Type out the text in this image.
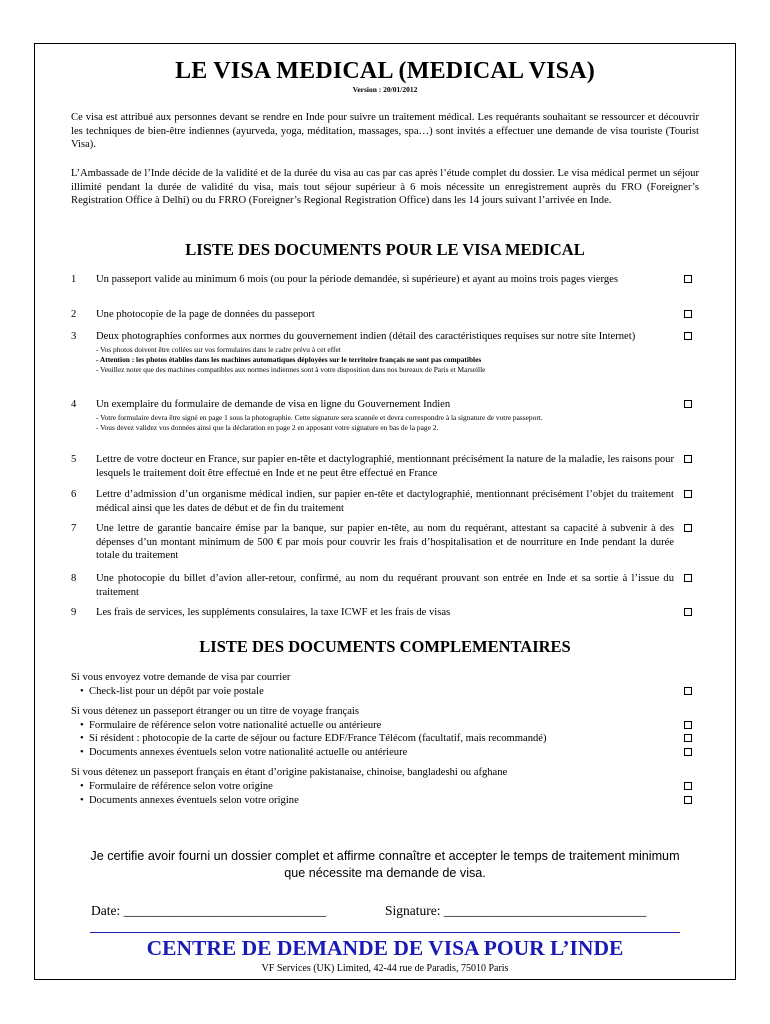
LE VISA MEDICAL (MEDICAL VISA)
Version : 20/01/2012
Ce visa est attribué aux personnes devant se rendre en Inde pour suivre un traitement médical. Les requérants souhaitant se ressourcer et découvrir les techniques de bien-être indiennes (ayurveda, yoga, méditation, massages, spa…) sont invités a effectuer une demande de visa touriste (Tourist Visa).
L’Ambassade de l’Inde décide de la validité et de la durée du visa au cas par cas après l’étude complet du dossier. Le visa médical permet un séjour illimité pendant la durée de validité du visa, mais tout séjour supérieur à 6 mois nécessite un enregistrement auprès du FRO (Foreigner’s Registration Office à Delhi) ou du FRRO (Foreigner’s Regional Registration Office) dans les 14 jours suivant l’arrivée en Inde.
LISTE DES DOCUMENTS POUR LE VISA MEDICAL
1 Un passeport valide au minimum 6 mois (ou pour la période demandée, si supérieure) et ayant au moins trois pages vierges
2 Une photocopie de la page de données du passeport
3 Deux photographies conformes aux normes du gouvernement indien (détail des caractéristiques requises sur notre site Internet)
- Vos photos doivent être collées sur vos formulaires dans le cadre prévu à cet effet
- Attention : les photos établies dans les machines automatiques déployées sur le territoire français ne sont pas compatibles
- Veuillez noter que des machines compatibles aux normes indiennes sont à votre disposition dans nos bureaux de Paris et Marseille
4 Un exemplaire du formulaire de demande de visa en ligne du Gouvernement Indien
- Votre formulaire devra être signé en page 1 sous la photographie. Cette signature sera scannée et devra correspondre à la signature de votre passeport.
- Vous devez validez vos données ainsi que la déclaration en page 2 en apposant votre signature en bas de la page 2.
5 Lettre de votre docteur en France, sur papier en-tête et dactylographié, mentionnant précisément la nature de la maladie, les raisons pour lesquels le traitement doit être effectué en Inde et ne peut être effectué en France
6 Lettre d’admission d’un organisme médical indien, sur papier en-tête et dactylographié, mentionnant précisément l’objet du traitement médical ainsi que les dates de début et de fin du traitement
7 Une lettre de garantie bancaire émise par la banque, sur papier en-tête, au nom du requérant, attestant sa capacité à subvenir à des dépenses d’un montant minimum de 500 € par mois pour couvrir les frais d’hospitalisation et de nourriture en Inde pendant la durée totale du traitement
8 Une photocopie du billet d’avion aller-retour, confirmé, au nom du requérant prouvant son entrée en Inde et sa sortie à l’issue du traitement
9 Les frais de services, les suppléments consulaires, la taxe ICWF et les frais de visas
LISTE DES DOCUMENTS COMPLEMENTAIRES
Si vous envoyez votre demande de visa par courrier
• Check-list pour un dépôt par voie postale
Si vous détenez un passeport étranger ou un titre de voyage français
• Formulaire de référence selon votre nationalité actuelle ou antérieure
• Si résident : photocopie de la carte de séjour ou facture EDF/France Télécom (facultatif, mais recommandé)
• Documents annexes éventuels selon votre nationalité actuelle ou antérieure
Si vous détenez un passeport français en étant d’origine pakistanaise, chinoise, bangladeshi ou afghane
• Formulaire de référence selon votre origine
• Documents annexes éventuels selon votre origine
Je certifie avoir fourni un dossier complet et affirme connaître et accepter le temps de traitement minimum que nécessite ma demande de visa.
Date: ______________________________	Signature: ______________________________
CENTRE DE DEMANDE DE VISA POUR L’INDE
VF Services (UK) Limited, 42-44 rue de Paradis, 75010 Paris
